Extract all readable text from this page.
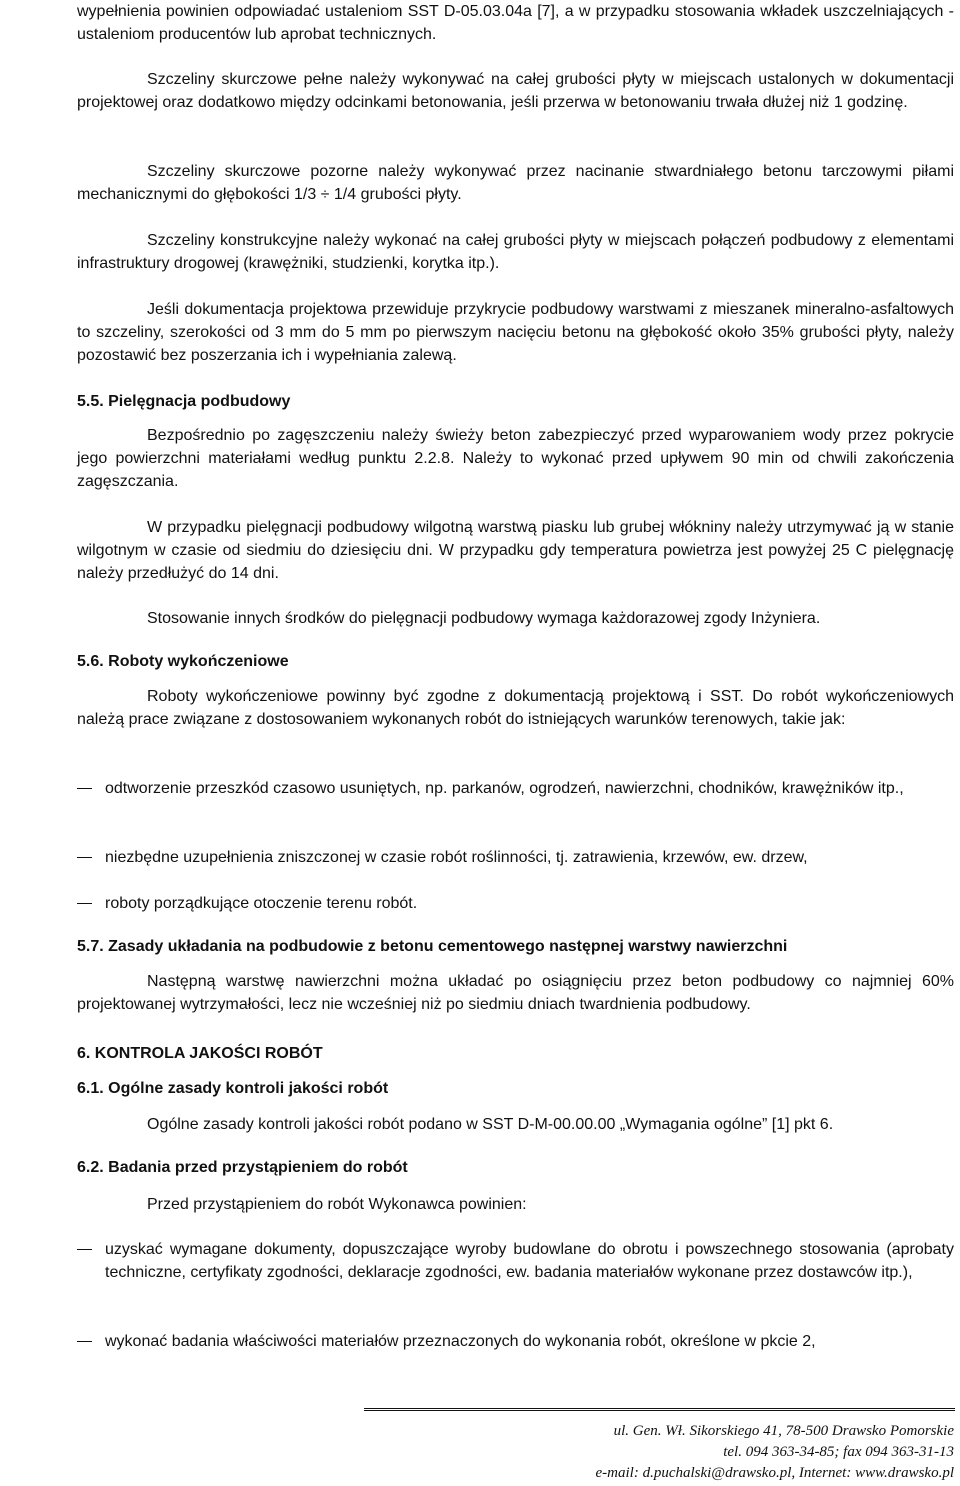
wypełnienia powinien odpowiadać ustaleniom SST D-05.03.04a [7], a w przypadku stosowania wkładek uszczelniających - ustaleniom producentów lub aprobat technicznych.

Szczeliny skurczowe pełne należy wykonywać na całej grubości płyty w miejscach ustalonych w dokumentacji projektowej oraz dodatkowo między odcinkami betonowania, jeśli przerwa w betonowaniu trwała dłużej niż 1 godzinę.

Szczeliny skurczowe pozorne należy wykonywać przez nacinanie stwardniałego betonu tarczowymi piłami mechanicznymi do głębokości 1/3 ÷ 1/4 grubości płyty.

Szczeliny konstrukcyjne należy wykonać na całej grubości płyty w miejscach połączeń podbudowy z elementami infrastruktury drogowej (krawężniki, studzienki, korytka itp.).

Jeśli dokumentacja projektowa przewiduje przykrycie podbudowy warstwami z mieszanek mineralno-asfaltowych to szczeliny, szerokości od 3 mm do 5 mm po pierwszym nacięciu betonu na głębokość około 35% grubości płyty, należy pozostawić bez poszerzania ich i wypełniania zalewą.

5.5. Pielęgnacja podbudowy

Bezpośrednio po zagęszczeniu należy świeży beton zabezpieczyć przed wyparowaniem wody przez pokrycie jego powierzchni materiałami według punktu 2.2.8. Należy to wykonać przed upływem 90 min od chwili zakończenia zagęszczania.

W przypadku pielęgnacji podbudowy wilgotną warstwą piasku lub grubej włókniny należy utrzymywać ją w stanie wilgotnym w czasie od siedmiu do dziesięciu dni. W przypadku gdy temperatura powietrza jest powyżej 25 C pielęgnację należy przedłużyć do 14 dni.

Stosowanie innych środków do pielęgnacji podbudowy wymaga każdorazowej zgody Inżyniera.

5.6. Roboty wykończeniowe

Roboty wykończeniowe powinny być zgodne z dokumentacją projektową i SST. Do robót wykończeniowych należą prace związane z dostosowaniem wykonanych robót do istniejących warunków terenowych, takie jak:

odtworzenie przeszkód czasowo usuniętych, np. parkanów, ogrodzeń, nawierzchni, chodników, krawężników itp.,
niezbędne uzupełnienia zniszczonej w czasie robót roślinności, tj. zatrawienia, krzewów, ew. drzew,
roboty porządkujące otoczenie terenu robót.

5.7. Zasady układania na podbudowie z betonu cementowego następnej warstwy nawierzchni

Następną warstwę nawierzchni można układać po osiągnięciu przez beton podbudowy co najmniej 60% projektowanej wytrzymałości, lecz nie wcześniej niż po siedmiu dniach twardnienia podbudowy.

6. KONTROLA JAKOŚCI ROBÓT

6.1. Ogólne zasady kontroli jakości robót

Ogólne zasady kontroli jakości robót podano w SST D-M-00.00.00 „Wymagania ogólne” [1] pkt 6.

6.2. Badania przed przystąpieniem do robót

Przed przystąpieniem do robót Wykonawca powinien:

uzyskać wymagane dokumenty, dopuszczające wyroby budowlane do obrotu i powszechnego stosowania (aprobaty techniczne, certyfikaty zgodności, deklaracje zgodności, ew. badania materiałów wykonane przez dostawców itp.),
wykonać badania właściwości materiałów przeznaczonych do wykonania robót, określone w pkcie 2,
ul. Gen. Wł. Sikorskiego 41, 78-500 Drawsko Pomorskie
tel. 094 363-34-85; fax 094 363-31-13
e-mail: d.puchalski@drawsko.pl, Internet: www.drawsko.pl
